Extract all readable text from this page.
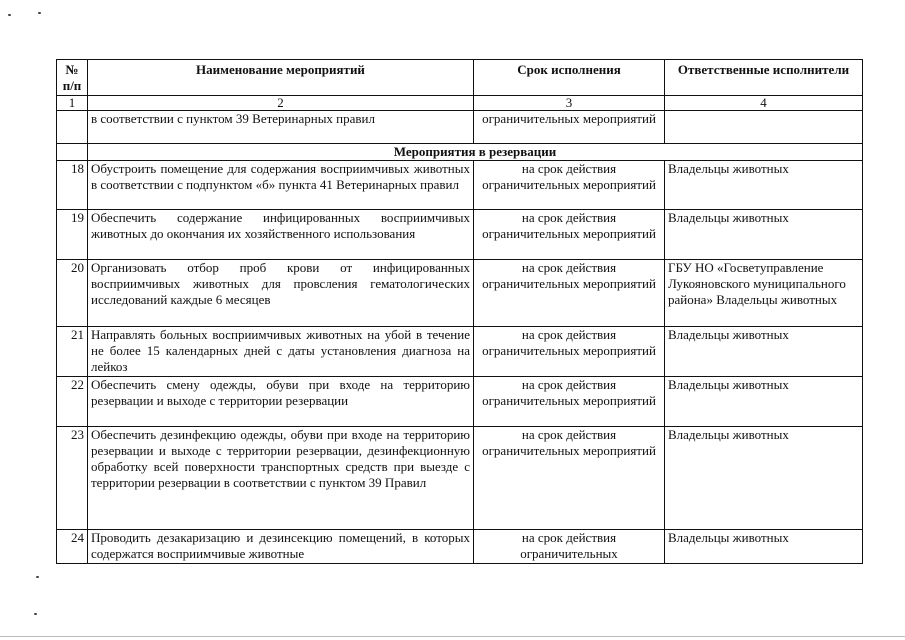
№ п/п	Наименование мероприятий	Срок исполнения	Ответственные исполнители
1	2	3	4
	в соответствии с пунктом 39 Ветеринарных правил	ограничительных мероприятий	
	Мероприятия в резервации		
18	Обустроить помещение для содержания восприимчивых животных в соответствии с подпунктом «б» пункта 41 Ветеринарных правил	на срок действия ограничительных мероприятий	Владельцы животных
19	Обеспечить содержание инфицированных восприимчивых животных до окончания их хозяйственного использования	на срок действия ограничительных мероприятий	Владельцы животных
20	Организовать отбор проб крови от инфицированных восприимчивых животных для провсления гематологических исследований каждые 6 месяцев	на срок действия ограничительных мероприятий	ГБУ НО «Госветуправление Лукояновского муниципального района» Владельцы животных
21	Направлять больных восприимчивых животных на убой в течение не более 15 календарных дней с даты установления диагноза на лейкоз	на срок действия ограничительных мероприятий	Владельцы животных
22	Обеспечить смену одежды, обуви при входе на территорию резервации и выходе с территории резервации	на срок действия ограничительных мероприятий	Владельцы животных
23	Обеспечить дезинфекцию одежды, обуви при входе на территорию резервации и выходе с территории резервации, дезинфекционную обработку всей поверхности транспортных средств при выезде с территории резервации в соответствии с пунктом 39 Правил	на срок действия ограничительных мероприятий	Владельцы животных
24	Проводить дезакаризацию и дезинсекцию помещений, в которых содержатся восприимчивые животные	на срок действия ограничительных	Владельцы животных
